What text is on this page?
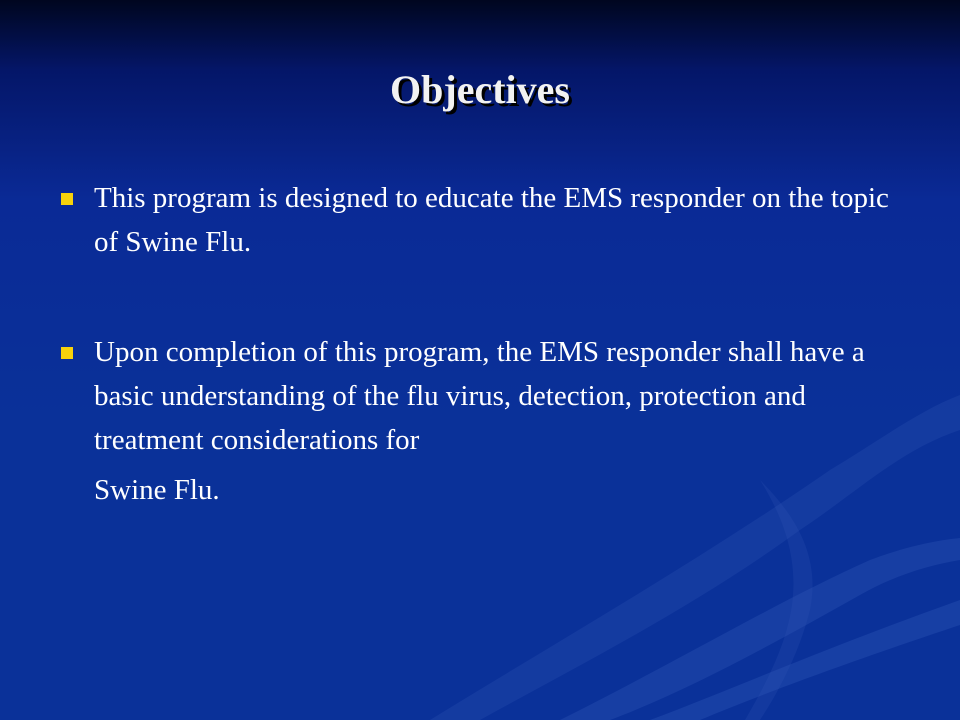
Objectives
This program is designed to educate the EMS responder on the topic of Swine Flu.
Upon completion of this program, the EMS responder shall have a basic understanding of the flu virus, detection, protection and treatment considerations for
Swine Flu.
